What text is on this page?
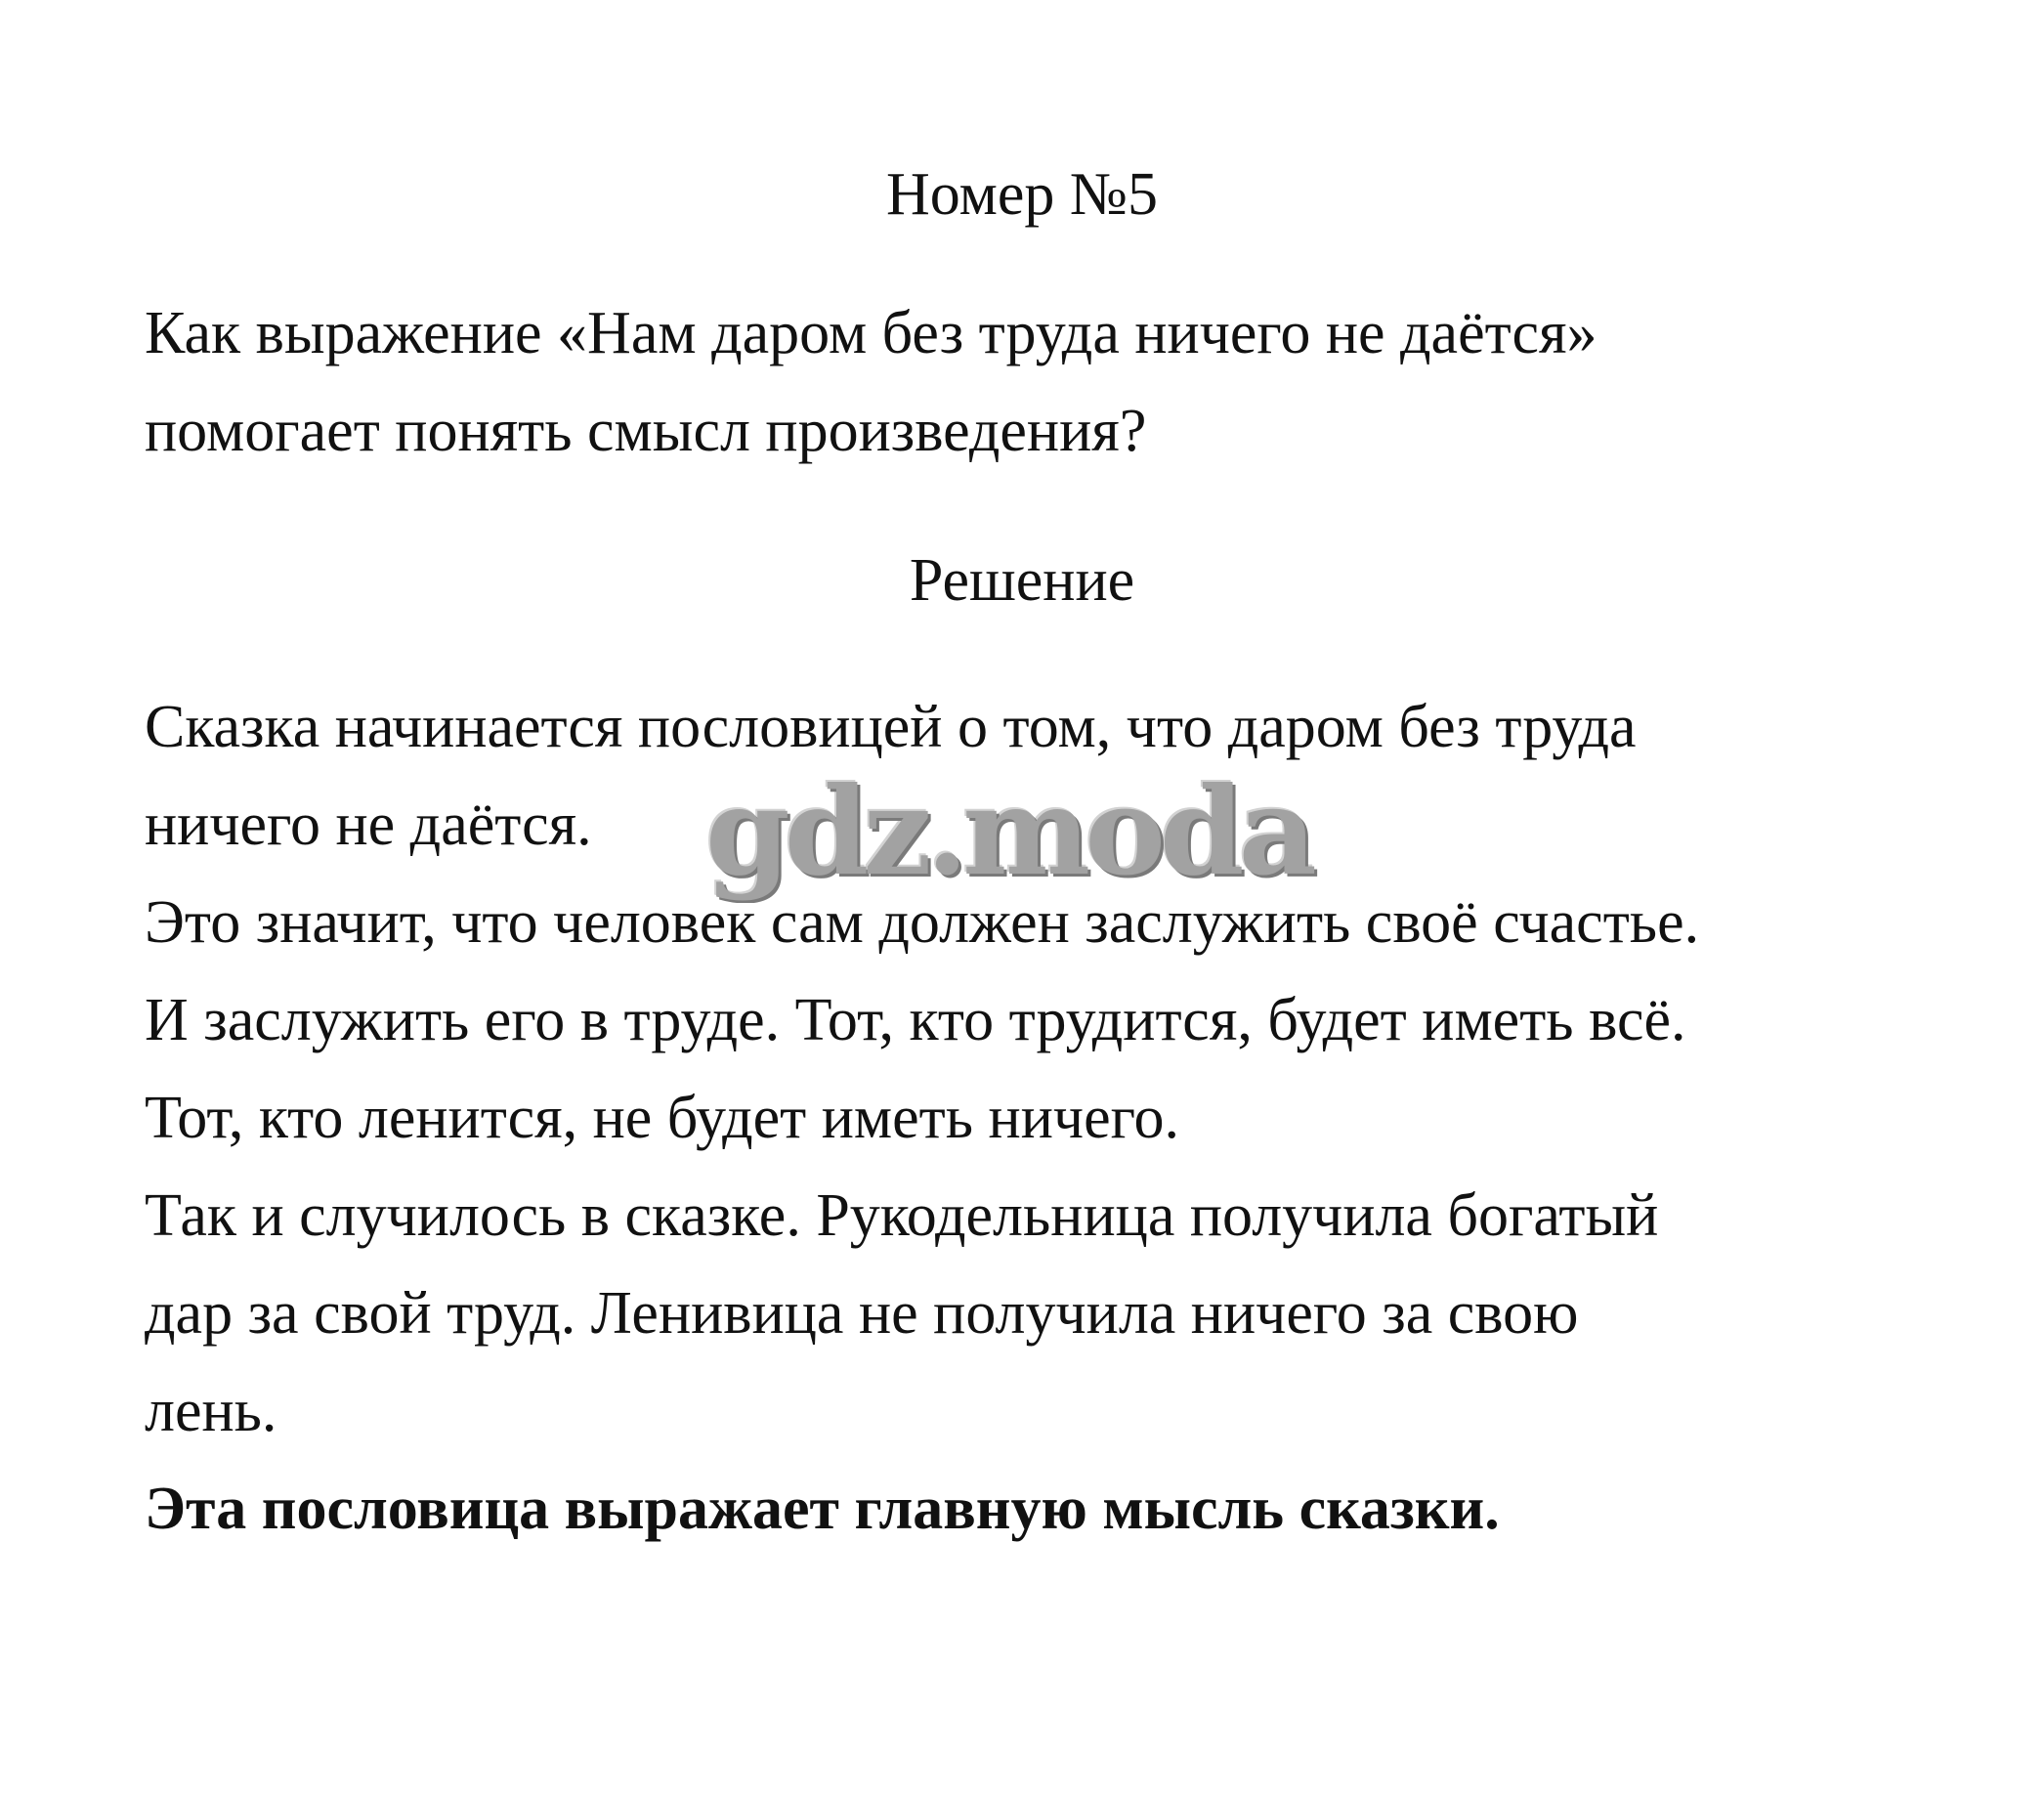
Номер №5
Как выражение «Нам даром без труда ничего не даётся»
помогает понять смысл произведения?
Решение
Сказка начинается пословицей о том, что даром без труда
ничего не даётся.
Это значит, что человек сам должен заслужить своё счастье.
И заслужить его в труде. Тот, кто трудится, будет иметь всё.
Тот, кто ленится, не будет иметь ничего.
Так и случилось в сказке. Рукодельница получила богатый
дар за свой труд. Ленивица не получила ничего за свою
лень.
Эта пословица выражает главную мысль сказки.
gdz.moda
